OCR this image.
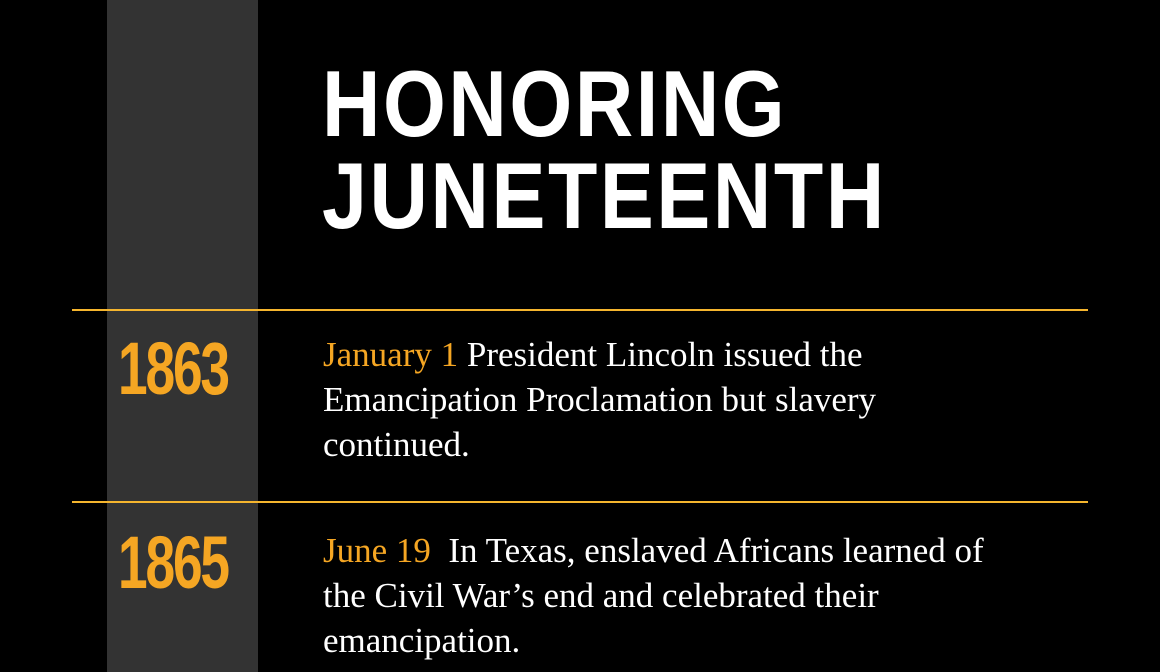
HONORING
JUNETEENTH
1863	January 1 President Lincoln issued the Emancipation Proclamation but slavery continued.

1865	June 19 In Texas, enslaved Africans learned of the Civil War’s end and celebrated their emancipation.
